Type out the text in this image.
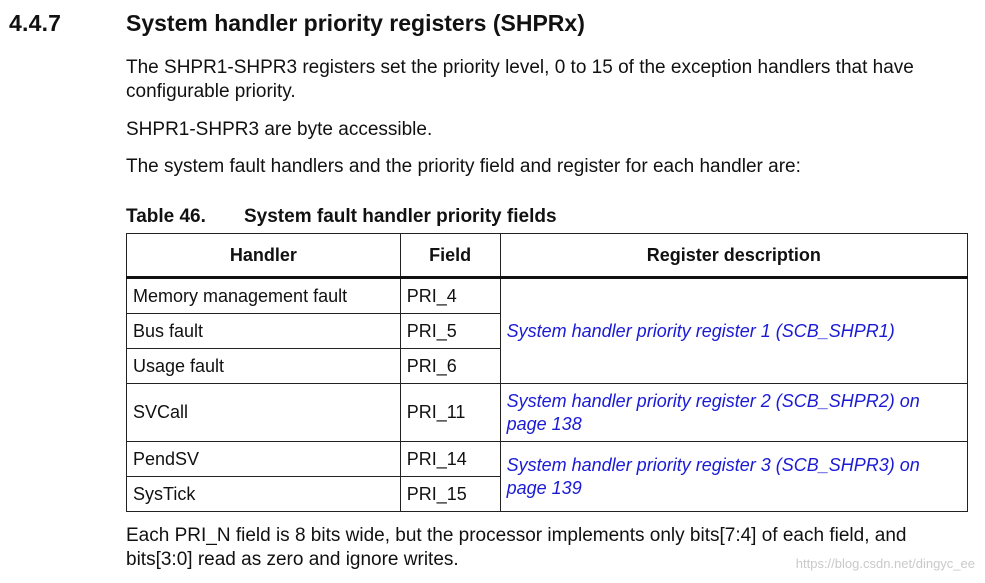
4.4.7	System handler priority registers (SHPRx)
The SHPR1-SHPR3 registers set the priority level, 0 to 15 of the exception handlers that have configurable priority.
SHPR1-SHPR3 are byte accessible.
The system fault handlers and the priority field and register for each handler are:
Table 46. System fault handler priority fields
Handler	Field	Register description
Memory management fault	PRI_4	System handler priority register 1 (SCB_SHPR1)
Bus fault	PRI_5	
Usage fault	PRI_6	
SVCall	PRI_11	System handler priority register 2 (SCB_SHPR2) on page 138
PendSV	PRI_14	System handler priority register 3 (SCB_SHPR3) on page 139
SysTick	PRI_15	
Each PRI_N field is 8 bits wide, but the processor implements only bits[7:4] of each field, and bits[3:0] read as zero and ignore writes.	https://blog.csdn.net/dingyc_ee
